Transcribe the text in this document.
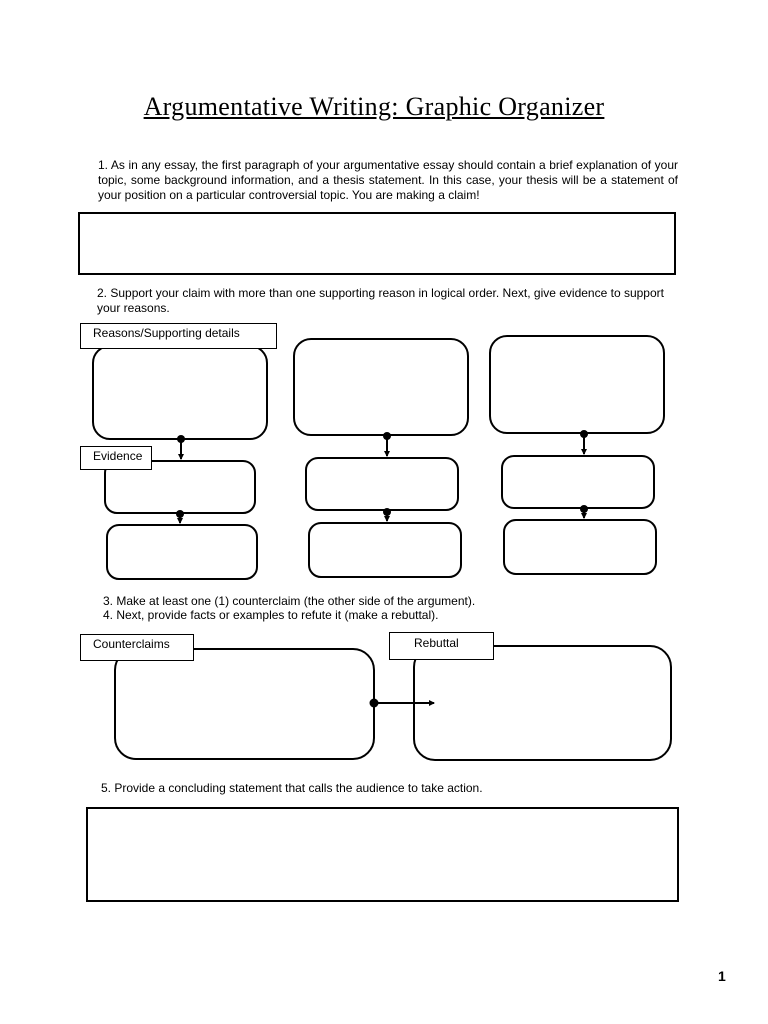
Argumentative Writing: Graphic Organizer
1. As in any essay, the first paragraph of your argumentative essay should contain a brief explanation of your topic, some background information, and a thesis statement. In this case, your thesis will be a statement of your position on a particular controversial topic. You are making a claim!
2. Support your claim with more than one supporting reason in logical order. Next, give evidence to support your reasons.
Reasons/Supporting details
Evidence
3. Make at least one (1) counterclaim (the other side of the argument).
4. Next, provide facts or examples to refute it (make a rebuttal).
Counterclaims	Rebuttal
5. Provide a concluding statement that calls the audience to take action.
1
